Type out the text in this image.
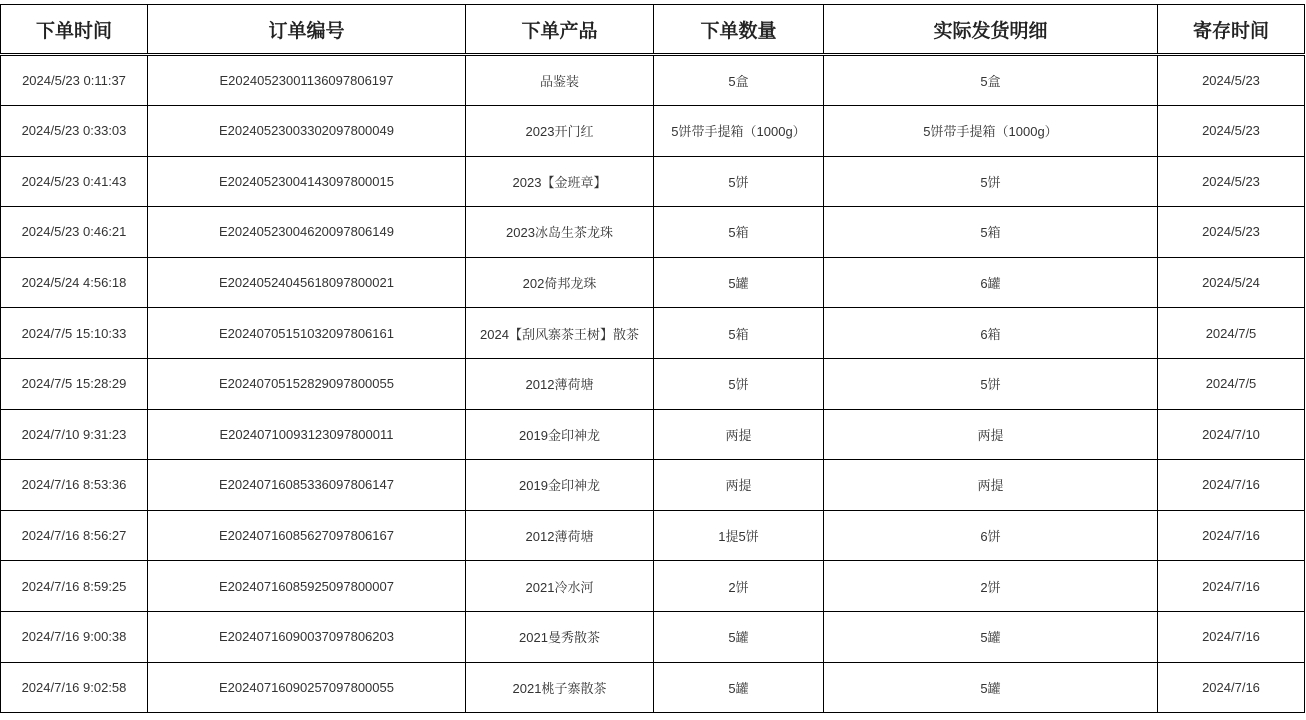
下单时间	订单编号	下单产品	下单数量	实际发货明细	寄存时间
2024/5/23 0:11:37	E20240523001136097806197	品鉴装	5盒	5盒	2024/5/23
2024/5/23 0:33:03	E20240523003302097800049	2023开门红	5饼带手提箱（1000g）	5饼带手提箱（1000g）	2024/5/23
2024/5/23 0:41:43	E20240523004143097800015	2023【金班章】	5饼	5饼	2024/5/23
2024/5/23 0:46:21	E20240523004620097806149	2023冰岛生茶龙珠	5箱	5箱	2024/5/23
2024/5/24 4:56:18	E20240524045618097800021	202倚邦龙珠	5罐	6罐	2024/5/24
2024/7/5 15:10:33	E20240705151032097806161	2024【刮风寨茶王树】散茶	5箱	6箱	2024/7/5
2024/7/5 15:28:29	E20240705152829097800055	2012薄荷塘	5饼	5饼	2024/7/5
2024/7/10 9:31:23	E20240710093123097800011	2019金印神龙	两提	两提	2024/7/10
2024/7/16 8:53:36	E20240716085336097806147	2019金印神龙	两提	两提	2024/7/16
2024/7/16 8:56:27	E20240716085627097806167	2012薄荷塘	1提5饼	6饼	2024/7/16
2024/7/16 8:59:25	E20240716085925097800007	2021冷水河	2饼	2饼	2024/7/16
2024/7/16 9:00:38	E20240716090037097806203	2021曼秀散茶	5罐	5罐	2024/7/16
2024/7/16 9:02:58	E20240716090257097800055	2021桃子寨散茶	5罐	5罐	2024/7/16
